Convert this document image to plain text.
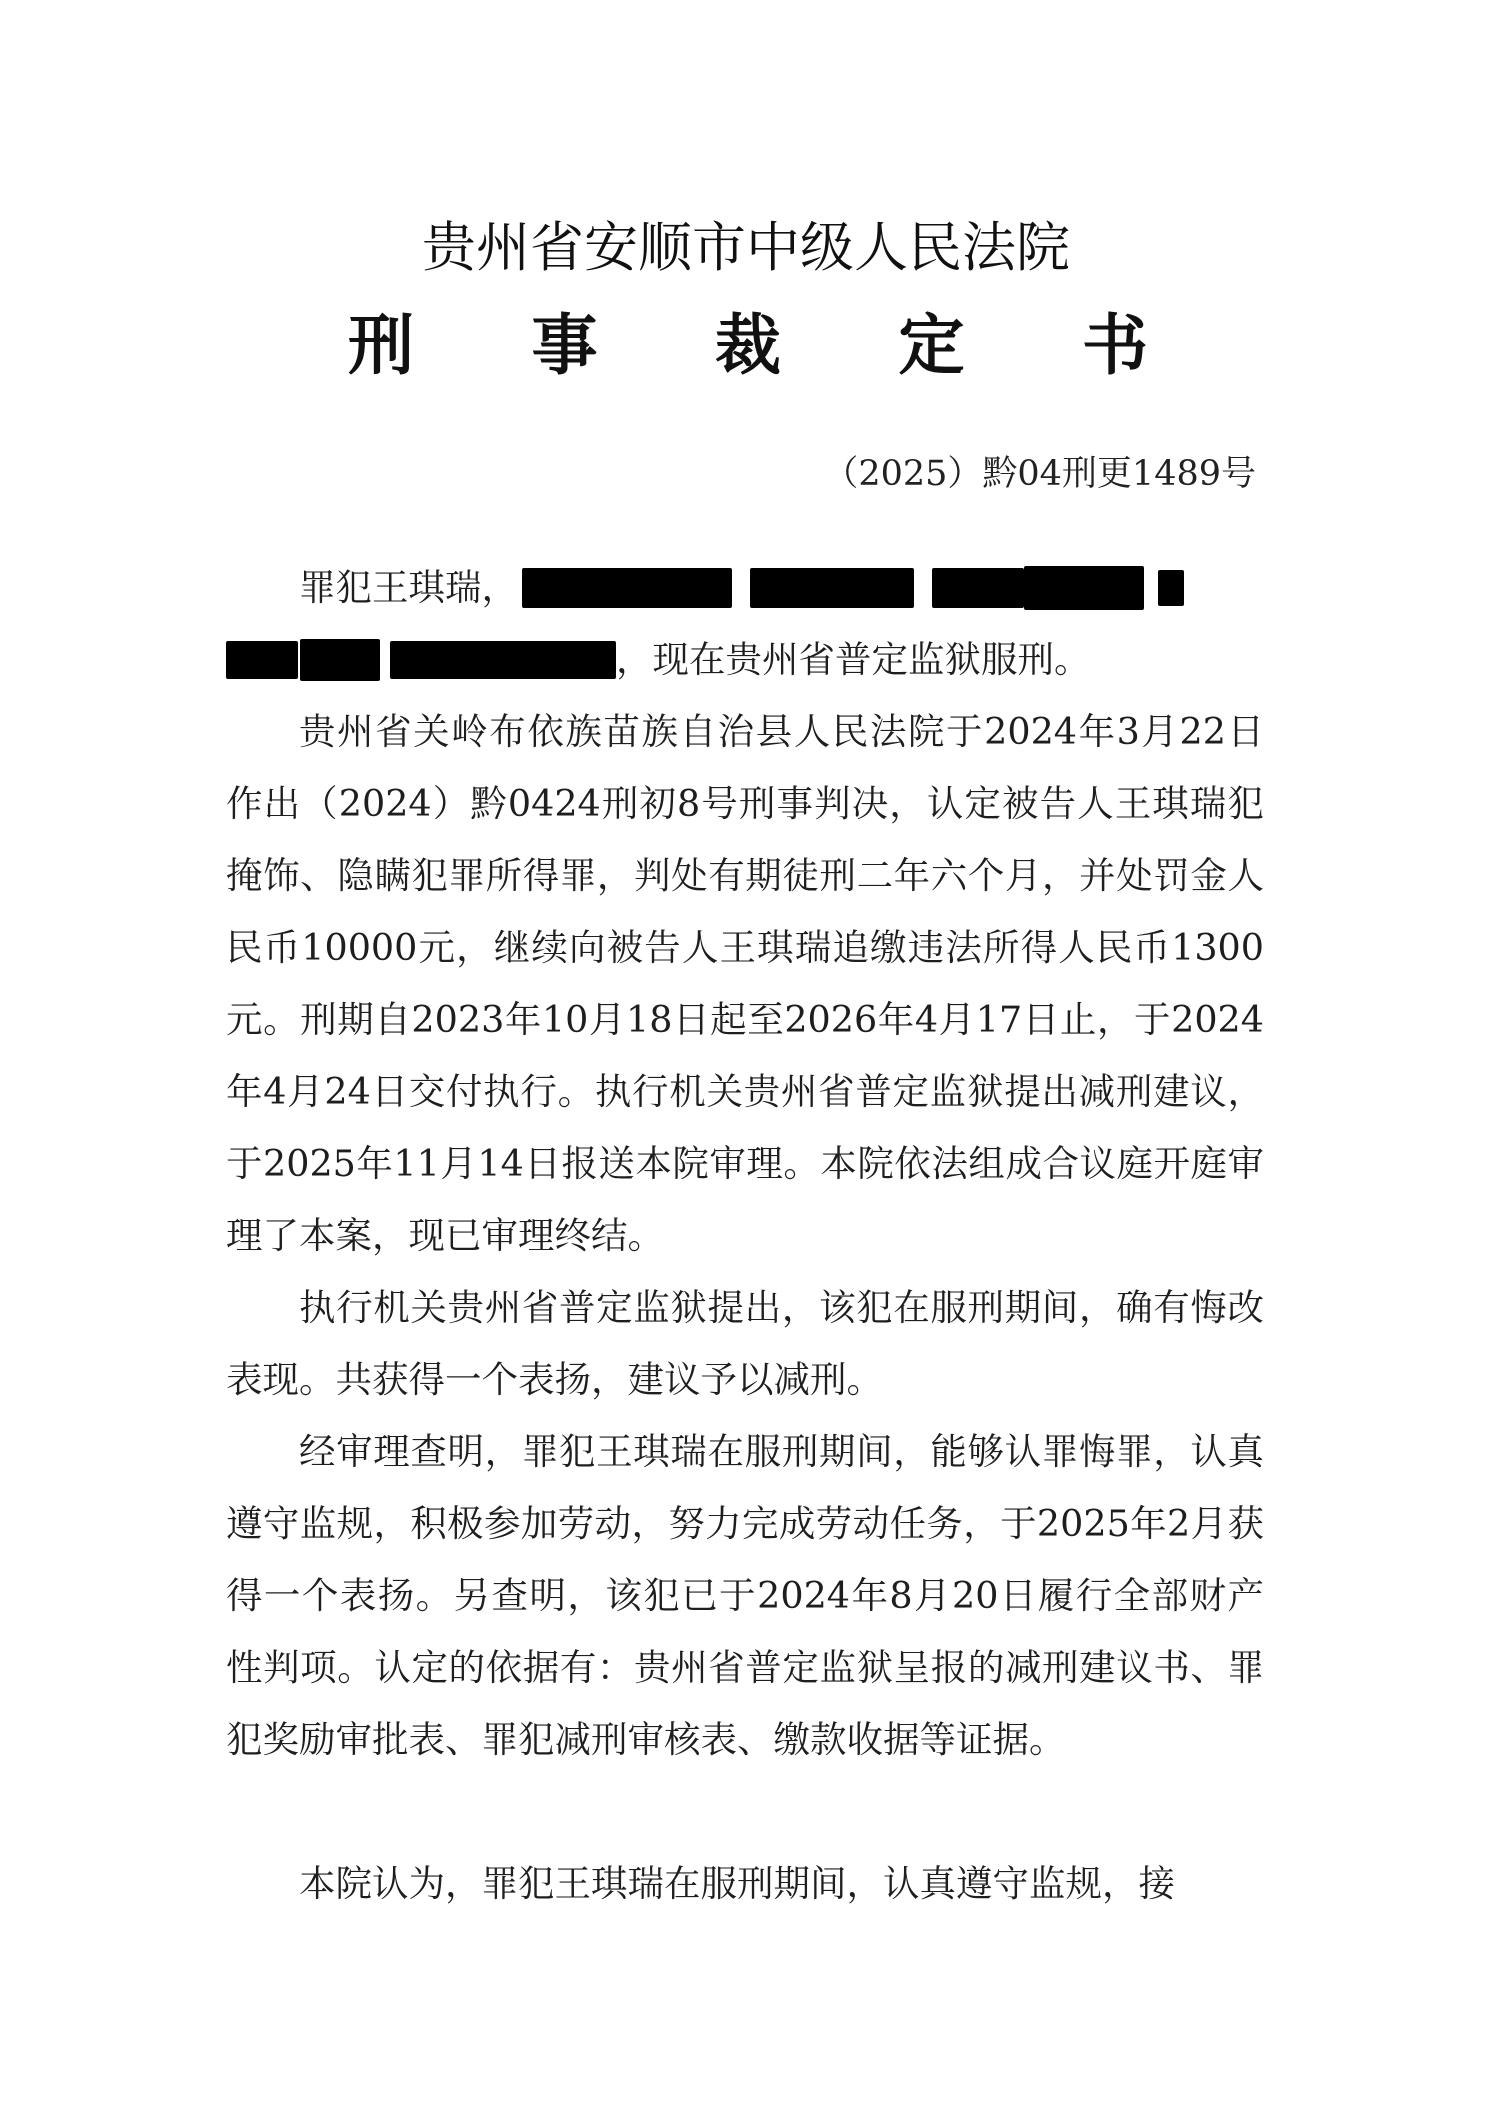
贵州省安顺市中级人民法院
刑 事 裁 定 书
（2025）黔04刑更1489号
罪犯王琪瑞，
，现在贵州省普定监狱服刑。

贵州省关岭布依族苗族自治县人民法院于2024年3月22日作出（2024）黔0424刑初8号刑事判决，认定被告人王琪瑞犯掩饰、隐瞒犯罪所得罪，判处有期徒刑二年六个月，并处罚金人民币10000元，继续向被告人王琪瑞追缴违法所得人民币1300元。刑期自2023年10月18日起至2026年4月17日止，于2024年4月24日交付执行。执行机关贵州省普定监狱提出减刑建议，于2025年11月14日报送本院审理。本院依法组成合议庭开庭审理了本案，现已审理终结。

执行机关贵州省普定监狱提出，该犯在服刑期间，确有悔改表现。共获得一个表扬，建议予以减刑。

经审理查明，罪犯王琪瑞在服刑期间，能够认罪悔罪，认真遵守监规，积极参加劳动，努力完成劳动任务，于2025年2月获得一个表扬。另查明，该犯已于2024年8月20日履行全部财产性判项。认定的依据有：贵州省普定监狱呈报的减刑建议书、罪犯奖励审批表、罪犯减刑审核表、缴款收据等证据。

本院认为，罪犯王琪瑞在服刑期间，认真遵守监规，接
